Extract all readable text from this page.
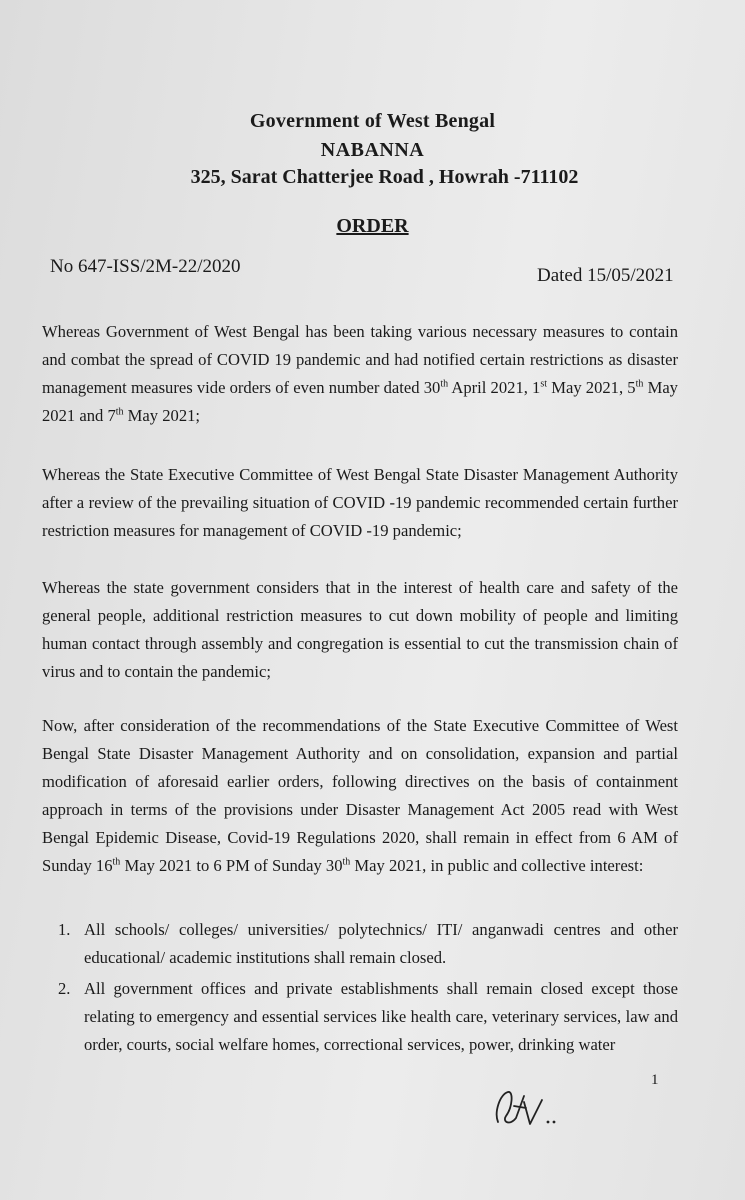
Government of West Bengal
NABANNA
325, Sarat Chatterjee Road , Howrah -711102
ORDER
No 647-ISS/2M-22/2020	Dated 15/05/2021
Whereas Government of West Bengal has been taking various necessary measures to contain and combat the spread of COVID 19 pandemic and had notified certain restrictions as disaster management measures vide orders of even number dated 30th April 2021, 1st May 2021, 5th May 2021 and 7th May 2021;
Whereas the State Executive Committee of West Bengal State Disaster Management Authority after a review of the prevailing situation of COVID -19 pandemic recommended certain further restriction measures for management of COVID -19 pandemic;
Whereas the state government considers that in the interest of health care and safety of the general people, additional restriction measures to cut down mobility of people and limiting human contact through assembly and congregation is essential to cut the transmission chain of virus and to contain the pandemic;
Now, after consideration of the recommendations of the State Executive Committee of West Bengal State Disaster Management Authority and on consolidation, expansion and partial modification of aforesaid earlier orders, following directives on the basis of containment approach in terms of the provisions under Disaster Management Act 2005 read with West Bengal Epidemic Disease, Covid-19 Regulations 2020, shall remain in effect from 6 AM of Sunday 16th May 2021 to 6 PM of Sunday 30th May 2021, in public and collective interest:
1. All schools/ colleges/ universities/ polytechnics/ ITI/ anganwadi centres and other educational/ academic institutions shall remain closed.
2. All government offices and private establishments shall remain closed except those relating to emergency and essential services like health care, veterinary services, law and order, courts, social welfare homes, correctional services, power, drinking water
1
